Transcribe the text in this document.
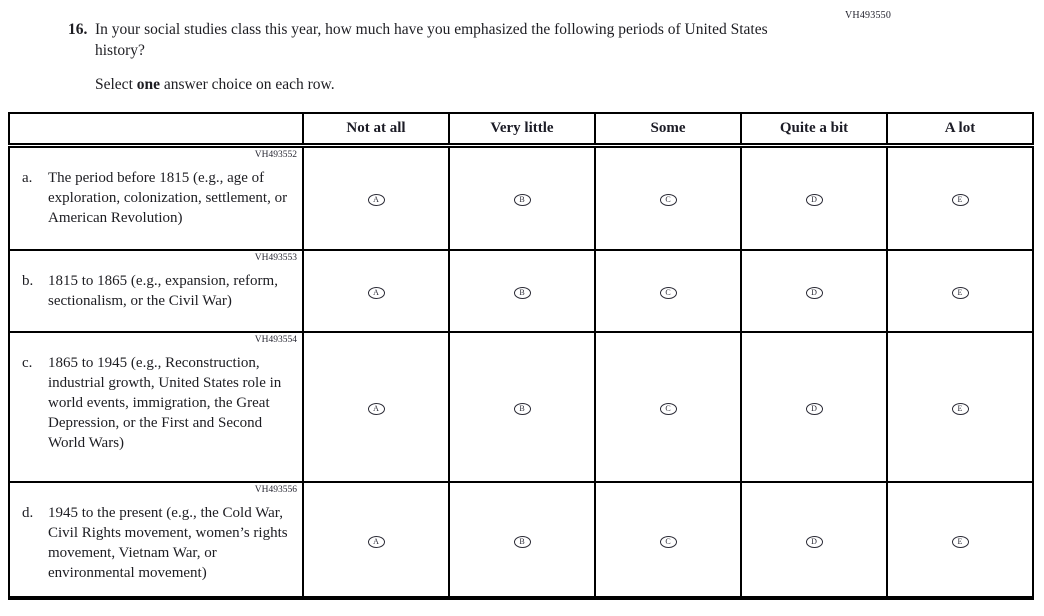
VH493550
16. In your social studies class this year, how much have you emphasized the following periods of United States history?
Select one answer choice on each row.
	Not at all	Very little	Some	Quite a bit	A lot

VH493552
a. The period before 1815 (e.g., age of exploration, colonization, settlement, or American Revolution)	A	B	C	D	E

VH493553
b. 1815 to 1865 (e.g., expansion, reform, sectionalism, or the Civil War)	A	B	C	D	E

VH493554
c. 1865 to 1945 (e.g., Reconstruction, industrial growth, United States role in world events, immigration, the Great Depression, or the First and Second World Wars)	A	B	C	D	E

VH493556
d. 1945 to the present (e.g., the Cold War, Civil Rights movement, women’s rights movement, Vietnam War, or environmental movement)	A	B	C	D	E
